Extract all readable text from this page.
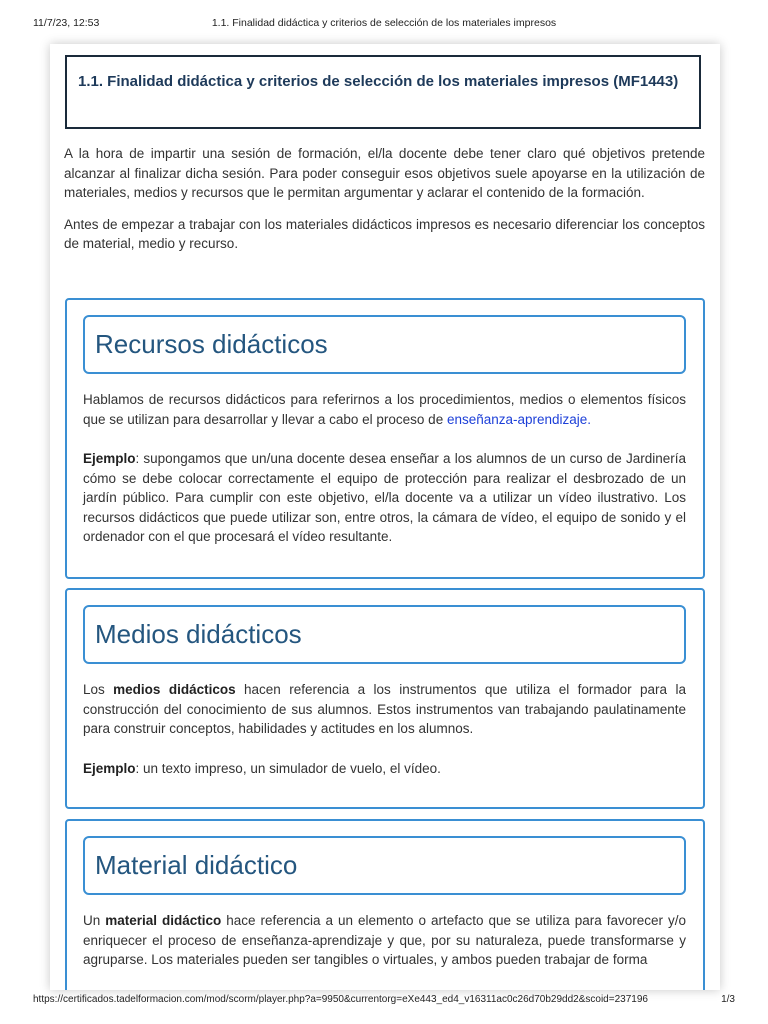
11/7/23, 12:53	1.1. Finalidad didáctica y criterios de selección de los materiales impresos
1.1. Finalidad didáctica y criterios de selección de los materiales impresos (MF1443)

A la hora de impartir una sesión de formación, el/la docente debe tener claro qué objetivos pretende alcanzar al finalizar dicha sesión. Para poder conseguir esos objetivos suele apoyarse en la utilización de materiales, medios y recursos que le permitan argumentar y aclarar el contenido de la formación.

Antes de empezar a trabajar con los materiales didácticos impresos es necesario diferenciar los conceptos de material, medio y recurso.

Recursos didácticos

Hablamos de recursos didácticos para referirnos a los procedimientos, medios o elementos físicos que se utilizan para desarrollar y llevar a cabo el proceso de enseñanza-aprendizaje.

Ejemplo: supongamos que un/una docente desea enseñar a los alumnos de un curso de Jardinería cómo se debe colocar correctamente el equipo de protección para realizar el desbrozado de un jardín público. Para cumplir con este objetivo, el/la docente va a utilizar un vídeo ilustrativo. Los recursos didácticos que puede utilizar son, entre otros, la cámara de vídeo, el equipo de sonido y el ordenador con el que procesará el vídeo resultante.

Medios didácticos

Los medios didácticos hacen referencia a los instrumentos que utiliza el formador para la construcción del conocimiento de sus alumnos. Estos instrumentos van trabajando paulatinamente para construir conceptos, habilidades y actitudes en los alumnos.

Ejemplo: un texto impreso, un simulador de vuelo, el vídeo.

Material didáctico

Un material didáctico hace referencia a un elemento o artefacto que se utiliza para favorecer y/o enriquecer el proceso de enseñanza-aprendizaje y que, por su naturaleza, puede transformarse y agruparse. Los materiales pueden ser tangibles o virtuales, y ambos pueden trabajar de forma

https://certificados.tadelformacion.com/mod/scorm/player.php?a=9950&currentorg=eXe443_ed4_v16311ac0c26d70b29dd2&scoid=237196	1/3
